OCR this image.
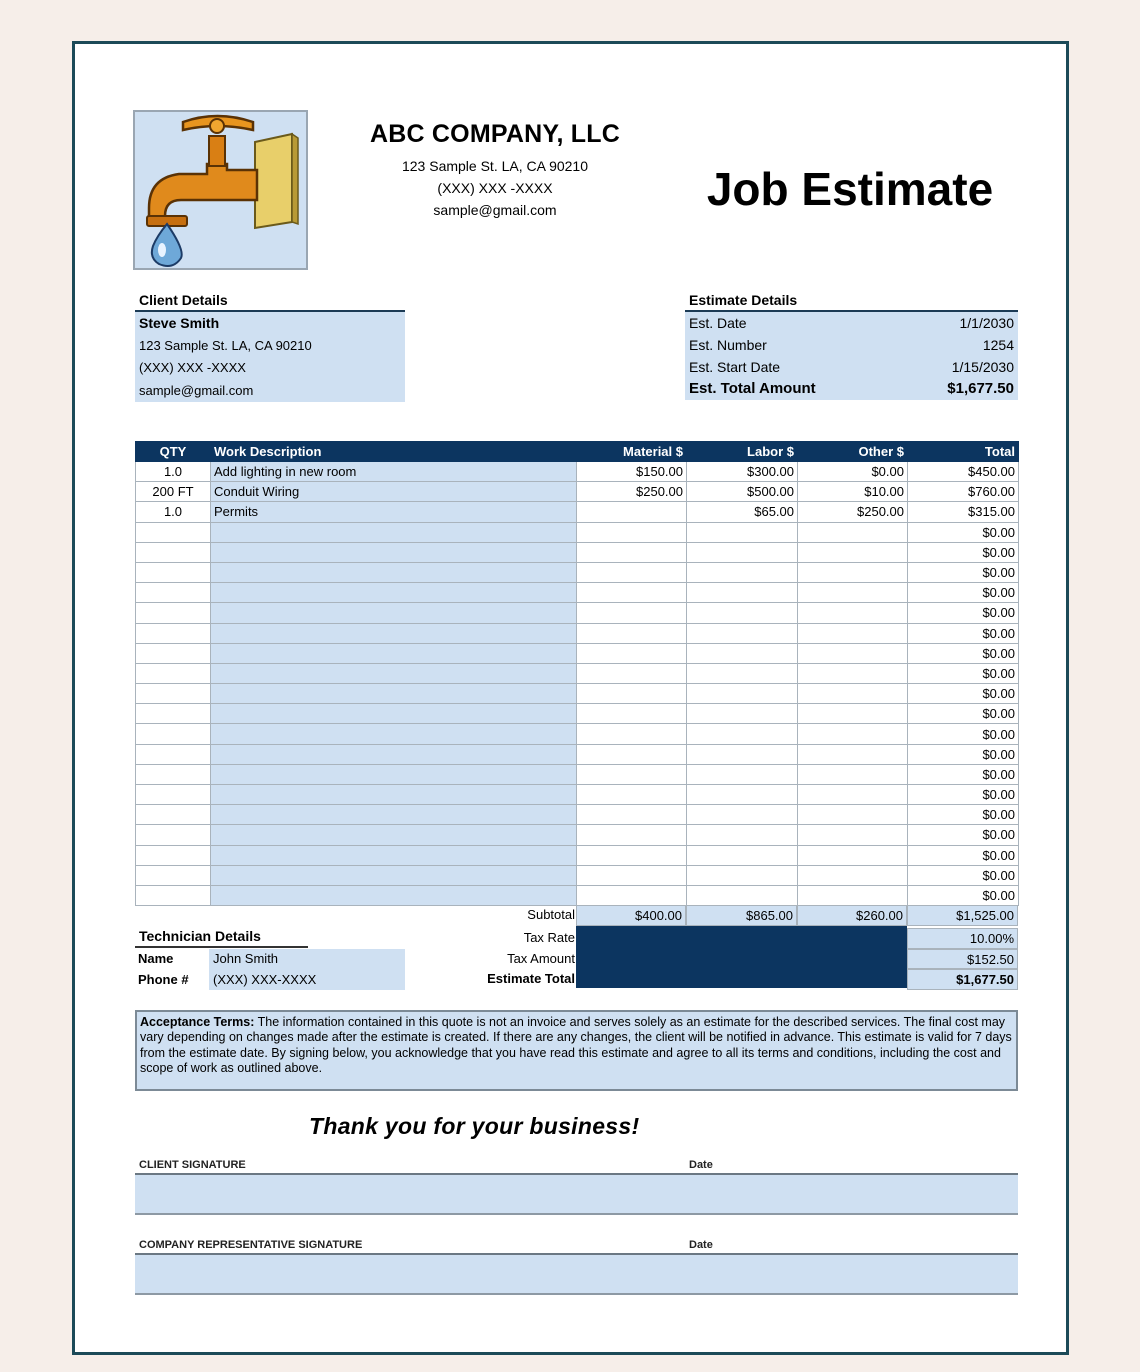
ABC COMPANY, LLC
123 Sample St. LA, CA 90210
(XXX) XXX -XXXX
sample@gmail.com	Job Estimate
Client Details
Steve Smith
123 Sample St. LA, CA 90210
(XXX) XXX -XXXX
sample@gmail.com
Estimate Details
Est. Date	1/1/2030
Est. Number	1254
Est. Start Date	1/15/2030
Est. Total Amount	$1,677.50
QTY	Work Description	Material $	Labor $	Other $	Total
1.0	Add lighting in new room	$150.00	$300.00	$0.00	$450.00
200 FT	Conduit Wiring	$250.00	$500.00	$10.00	$760.00
1.0	Permits		$65.00	$250.00	$315.00
					$0.00
					$0.00
					$0.00
					$0.00
					$0.00
					$0.00
					$0.00
					$0.00
					$0.00
					$0.00
					$0.00
					$0.00
					$0.00
					$0.00
					$0.00
					$0.00
					$0.00
					$0.00
					$0.00
Subtotal	$400.00	$865.00	$260.00	$1,525.00
Tax Rate	10.00%
Tax Amount	$152.50
Estimate Total	$1,677.50
Technician Details
Name	John Smith
Phone #	(XXX) XXX-XXXX
Acceptance Terms: The information contained in this quote is not an invoice and serves solely as an estimate for the described services. The final cost may vary depending on changes made after the estimate is created. If there are any changes, the client will be notified in advance. This estimate is valid for 7 days from the estimate date. By signing below, you acknowledge that you have read this estimate and agree to all its terms and conditions, including the cost and scope of work as outlined above.
Thank you for your business!
CLIENT SIGNATURE	Date
COMPANY REPRESENTATIVE SIGNATURE	Date
